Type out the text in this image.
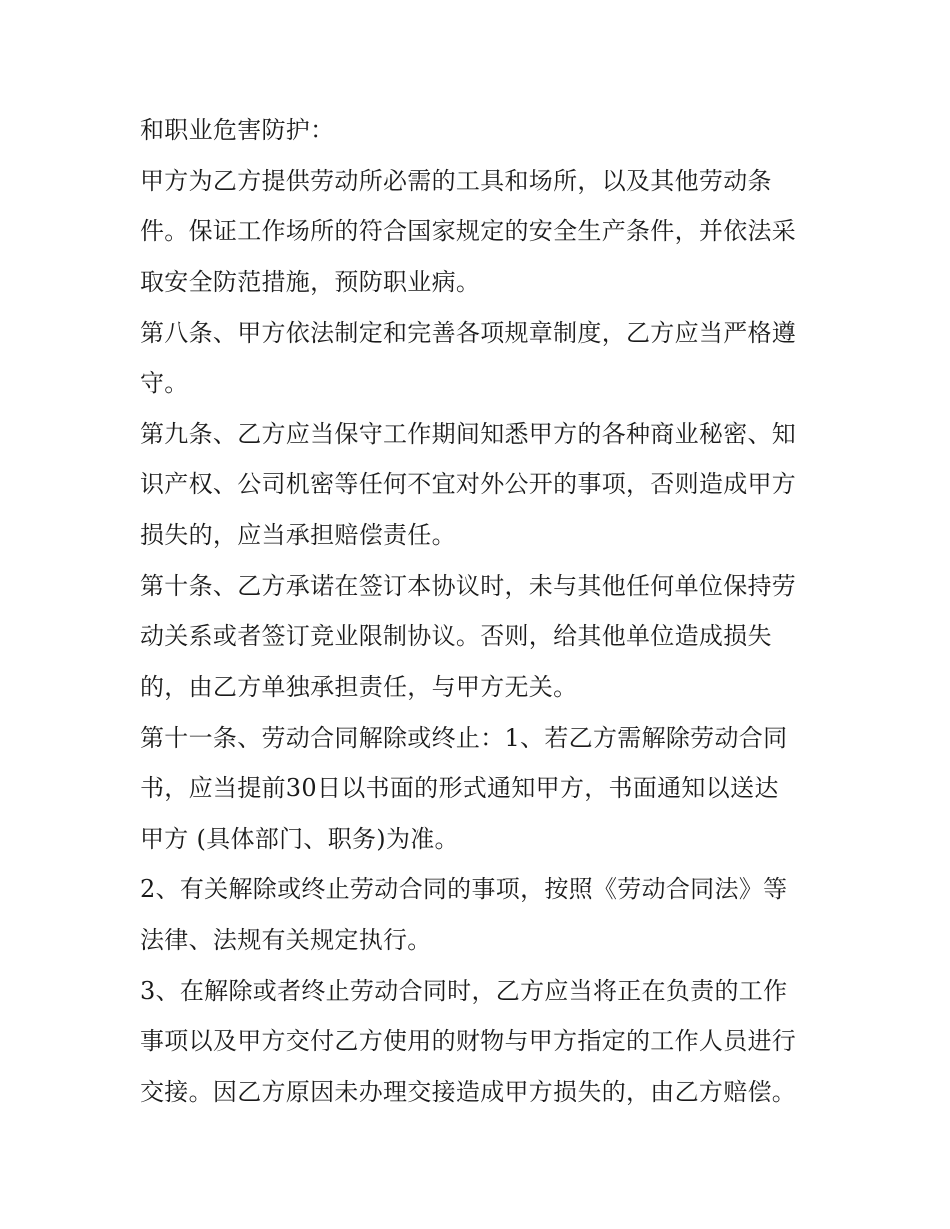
和职业危害防护：
甲方为乙方提供劳动所必需的工具和场所，以及其他劳动条
件。保证工作场所的符合国家规定的安全生产条件，并依法采
取安全防范措施，预防职业病。
第八条、甲方依法制定和完善各项规章制度，乙方应当严格遵
守。
第九条、乙方应当保守工作期间知悉甲方的各种商业秘密、知
识产权、公司机密等任何不宜对外公开的事项，否则造成甲方
损失的，应当承担赔偿责任。
第十条、乙方承诺在签订本协议时，未与其他任何单位保持劳
动关系或者签订竞业限制协议。否则，给其他单位造成损失
的，由乙方单独承担责任，与甲方无关。
第十一条、劳动合同解除或终止：1、若乙方需解除劳动合同
书，应当提前30日以书面的形式通知甲方，书面通知以送达
甲方 (具体部门、职务)为准。
2、有关解除或终止劳动合同的事项，按照《劳动合同法》等
法律、法规有关规定执行。
3、在解除或者终止劳动合同时，乙方应当将正在负责的工作
事项以及甲方交付乙方使用的财物与甲方指定的工作人员进行
交接。因乙方原因未办理交接造成甲方损失的，由乙方赔偿。
